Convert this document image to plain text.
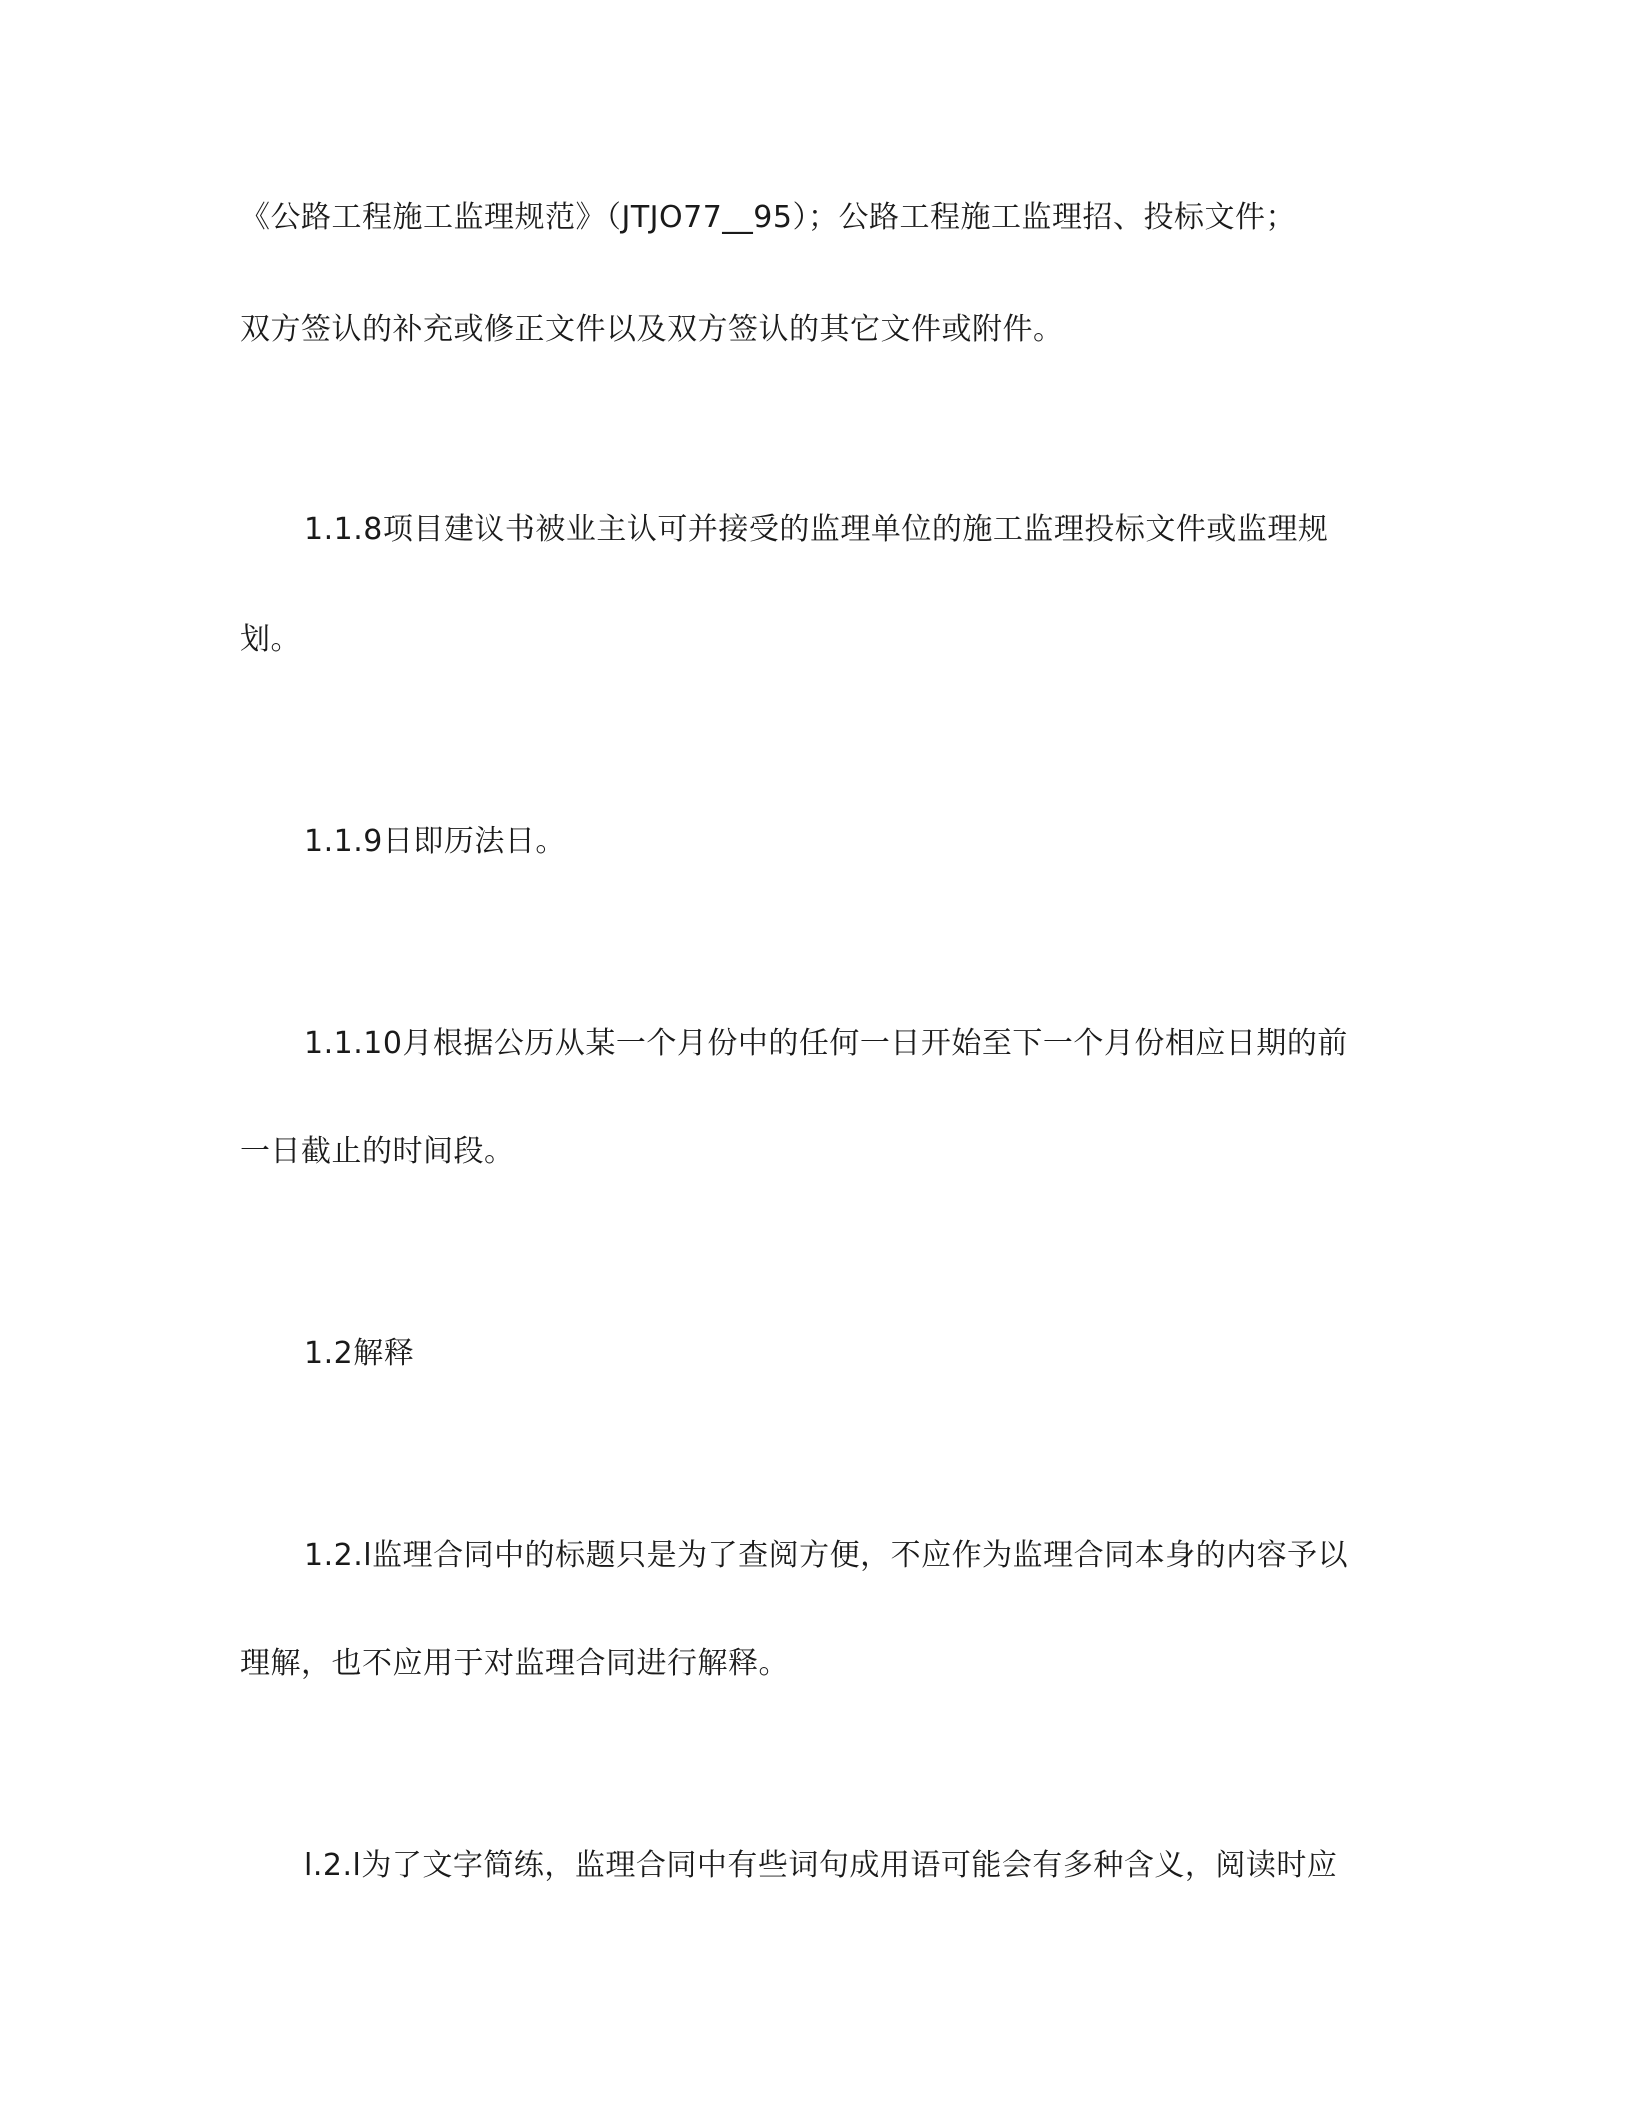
《公路工程施工监理规范》（JTJO77__95）；公路工程施工监理招、投标文件；
双方签认的补充或修正文件以及双方签认的其它文件或附件。
1.1.8项目建议书被业主认可并接受的监理单位的施工监理投标文件或监理规
划。
1.1.9日即历法日。
1.1.10月根据公历从某一个月份中的任何一日开始至下一个月份相应日期的前
一日截止的时间段。
1.2解释
1.2.l监理合同中的标题只是为了查阅方便，不应作为监理合同本身的内容予以
理解，也不应用于对监理合同进行解释。
l.2.l为了文字简练，监理合同中有些词句成用语可能会有多种含义，阅读时应
